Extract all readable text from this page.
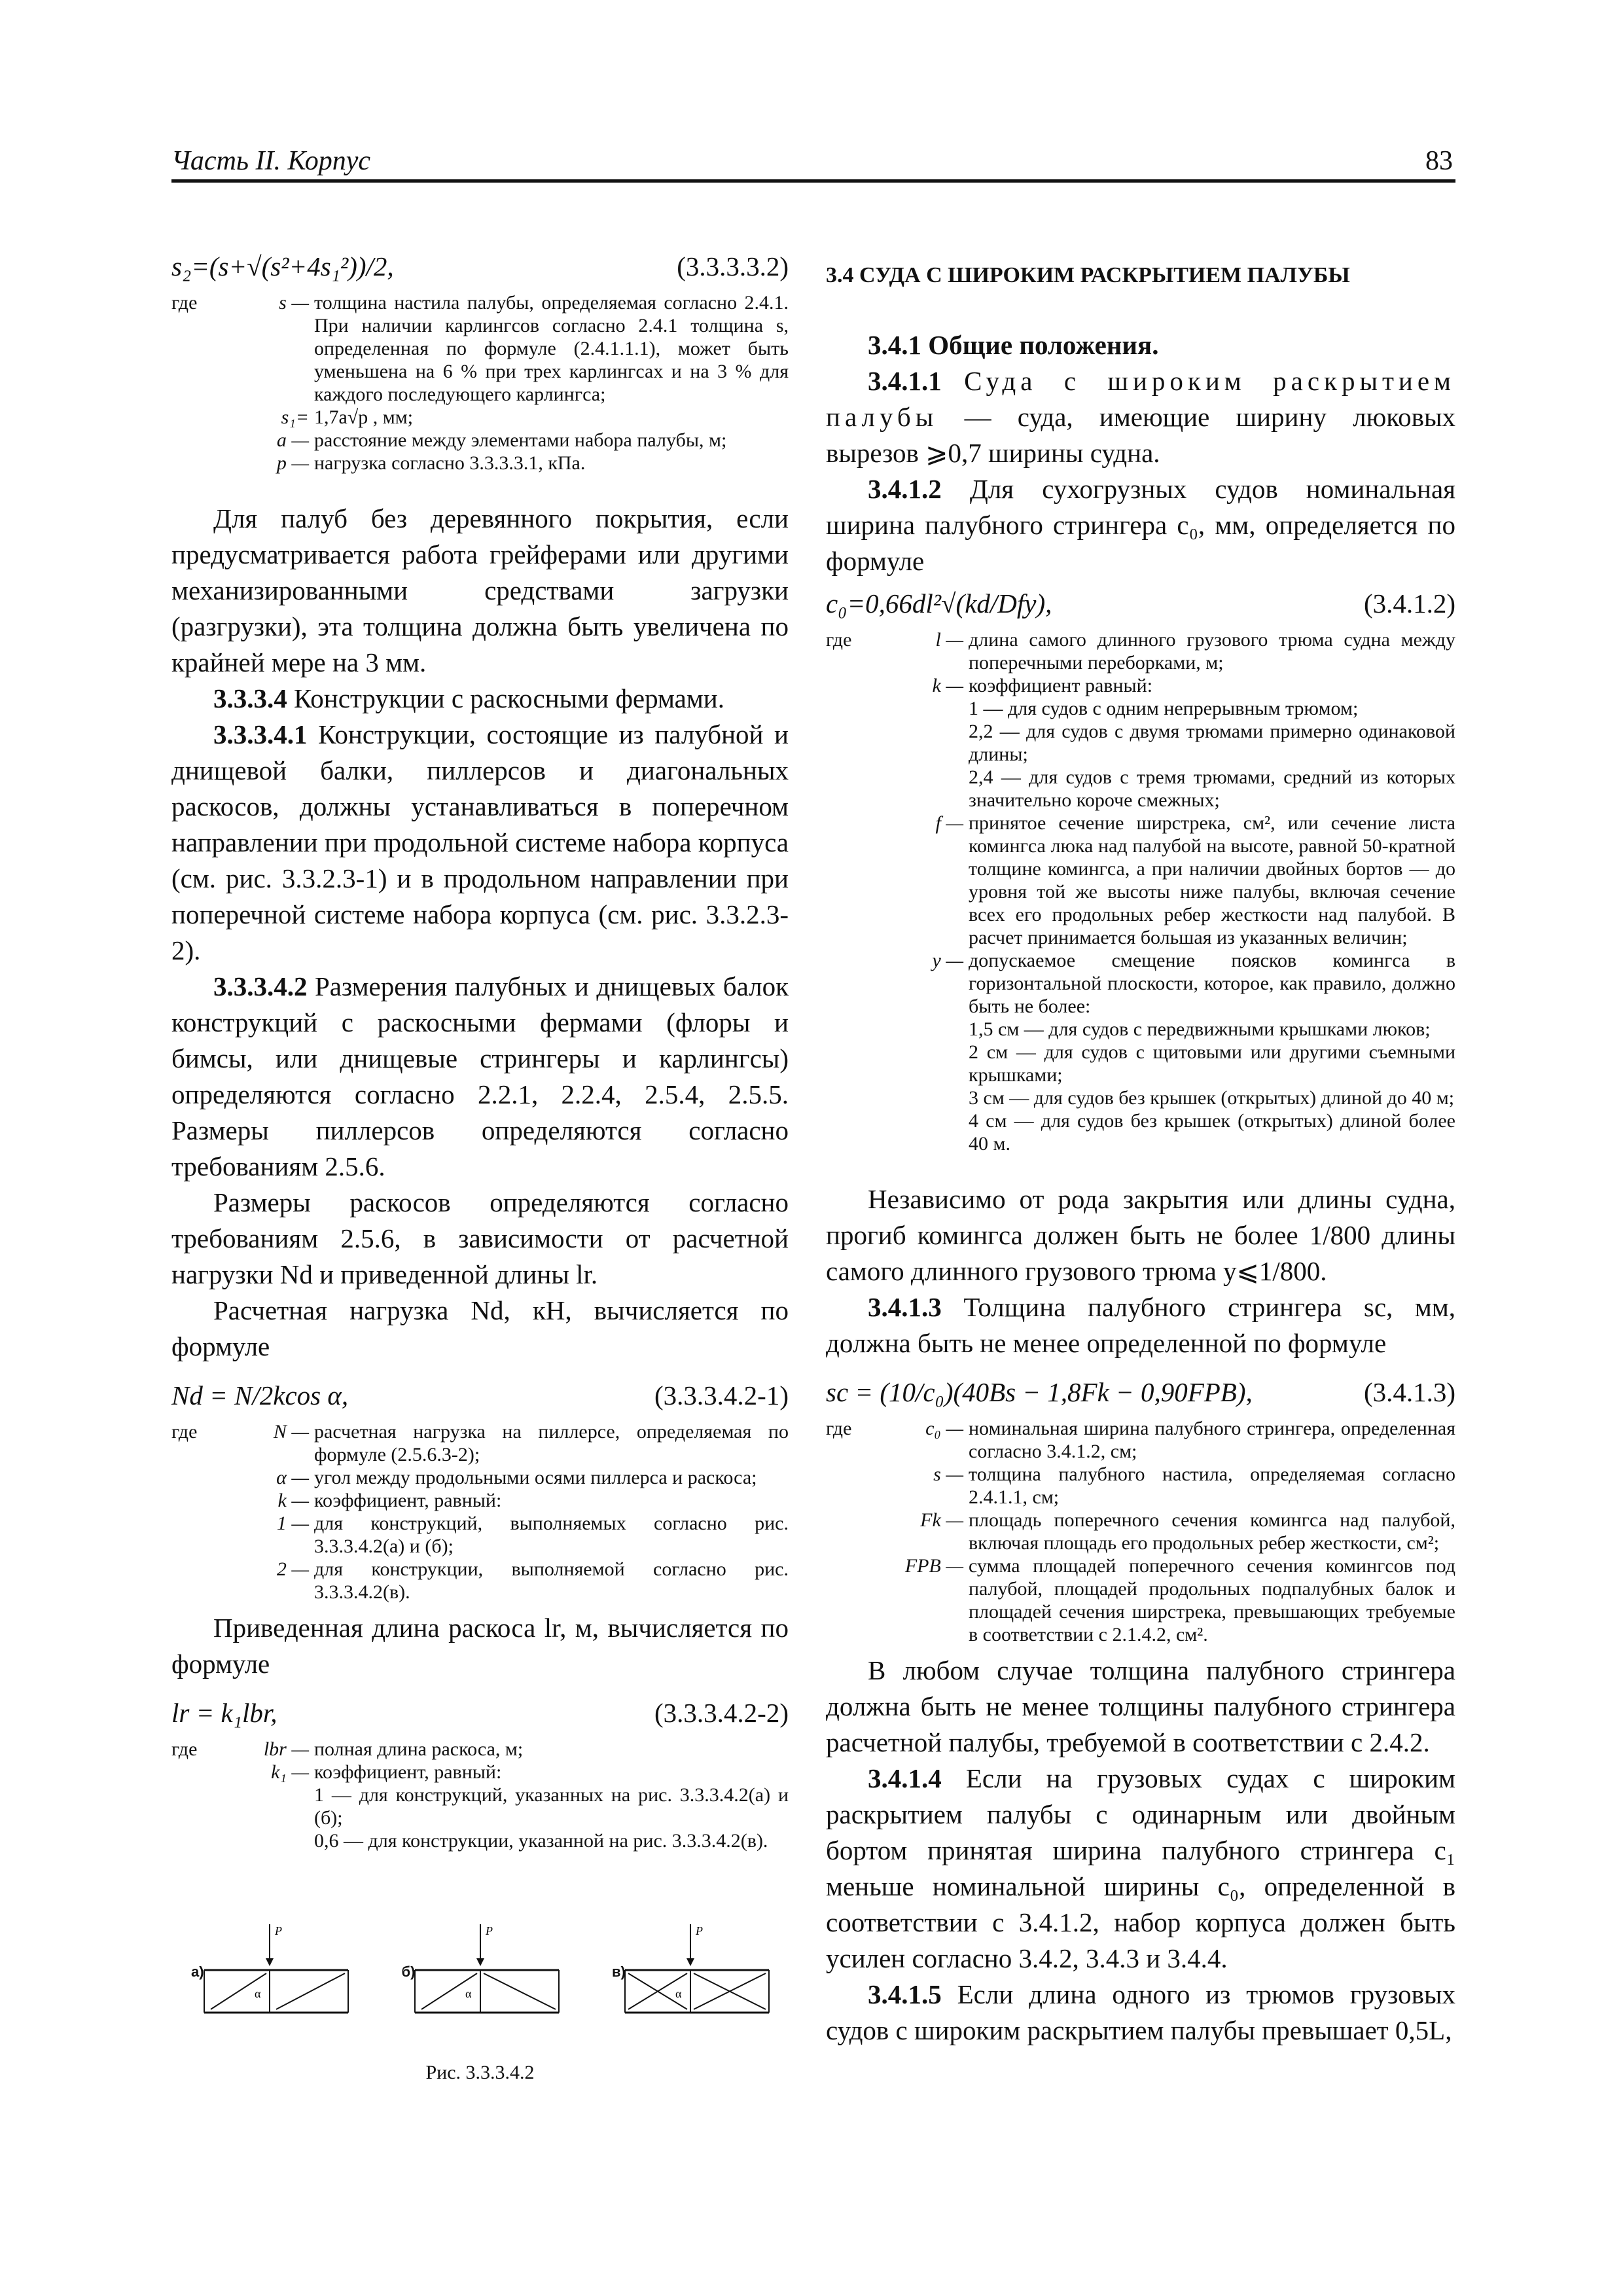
Часть II. Корпус	83
s₂=(s+√(s²+4s₁²))/2,	(3.3.3.3.2)
где	s —	толщина настила палубы, определяемая согласно 2.4.1. При наличии карлингсов согласно 2.4.1 толщина s, определенная по формуле (2.4.1.1.1), может быть уменьшена на 6 % при трех карлингсах и на 3 % для каждого последующего карлингса;
	s₁=	1,7a√p , мм;
	a —	расстояние между элементами набора палубы, м;
	p —	нагрузка согласно 3.3.3.3.1, кПа.

Для палуб без деревянного покрытия, если предусматривается работа грейферами или другими механизированными средствами загрузки (разгрузки), эта толщина должна быть увеличена по крайней мере на 3 мм.

3.3.3.4 Конструкции с раскосными фермами.

3.3.3.4.1 Конструкции, состоящие из палубной и днищевой балки, пиллерсов и диагональных раскосов, должны устанавливаться в поперечном направлении при продольной системе набора корпуса (см. рис. 3.3.2.3-1) и в продольном направлении при поперечной системе набора корпуса (см. рис. 3.3.2.3-2).

3.3.3.4.2 Размерения палубных и днищевых балок конструкций с раскосными фермами (флоры и бимсы, или днищевые стрингеры и карлингсы) определяются согласно 2.2.1, 2.2.4, 2.5.4, 2.5.5. Размеры пиллерсов определяются согласно требованиям 2.5.6.

Размеры раскосов определяются согласно требованиям 2.5.6, в зависимости от расчетной нагрузки Nd и приведенной длины lr.

Расчетная нагрузка Nd, кН, вычисляется по формуле

Nd = N/2kcos α,	(3.3.3.4.2-1)
где	N —	расчетная нагрузка на пиллерсе, определяемая по формуле (2.5.6.3-2);
	α —	угол между продольными осями пиллерса и раскоса;
	k —	коэффициент, равный:
	1 —	для конструкций, выполняемых согласно рис. 3.3.3.4.2(а) и (б);
	2 —	для конструкции, выполняемой согласно рис. 3.3.3.4.2(в).

Приведенная длина раскоса lr, м, вычисляется по формуле

lr = k₁lbr,	(3.3.3.4.2-2)
где	lbr —	полная длина раскоса, м;
	k₁ —	коэффициент, равный:
		1 — для конструкций, указанных на рис. 3.3.3.4.2(а) и (б);
		0,6 — для конструкции, указанной на рис. 3.3.3.4.2(в).
а)
P
α
б)
P
α
в)
P
α
Рис. 3.3.3.4.2
3.4 СУДА С ШИРОКИМ РАСКРЫТИЕМ ПАЛУБЫ

3.4.1 Общие положения.

3.4.1.1 Суда с широким раскрытием палубы — суда, имеющие ширину люковых вырезов ⩾0,7 ширины судна.

3.4.1.2 Для сухогрузных судов номинальная ширина палубного стрингера c₀, мм, определяется по формуле

c₀=0,66dl²√(kd/Dfy),	(3.4.1.2)
где	l —	длина самого длинного грузового трюма судна между поперечными переборками, м;
	k —	коэффициент равный:
		1 — для судов с одним непрерывным трюмом;
		2,2 — для судов с двумя трюмами примерно одинаковой длины;
		2,4 — для судов с тремя трюмами, средний из которых значительно короче смежных;
	f —	принятое сечение ширстрека, см², или сечение листа комингса люка над палубой на высоте, равной 50-кратной толщине комингса, а при наличии двойных бортов — до уровня той же высоты ниже палубы, включая сечение всех его продольных ребер жесткости над палубой. В расчет принимается большая из указанных величин;
	y —	допускаемое смещение поясков комингса в горизонтальной плоскости, которое, как правило, должно быть не более:
		1,5 см — для судов с передвижными крышками люков;
		2 см — для судов с щитовыми или другими съемными крышками;
		3 см — для судов без крышек (открытых) длиной до 40 м;
		4 см — для судов без крышек (открытых) длиной более 40 м.

Независимо от рода закрытия или длины судна, прогиб комингса должен быть не более 1/800 длины самого длинного грузового трюма y⩽1/800.

3.4.1.3 Толщина палубного стрингера sc, мм, должна быть не менее определенной по формуле

sc = (10/c₀)(40Bs − 1,8Fk − 0,90FPB),	(3.4.1.3)
где	c₀ —	номинальная ширина палубного стрингера, определенная согласно 3.4.1.2, см;
	s —	толщина палубного настила, определяемая согласно 2.4.1.1, см;
	Fk —	площадь поперечного сечения комингса над палубой, включая площадь его продольных ребер жесткости, см²;
	FPB —	сумма площадей поперечного сечения комингсов под палубой, площадей продольных подпалубных балок и площадей сечения ширстрека, превышающих требуемые в соответствии с 2.1.4.2, см².

В любом случае толщина палубного стрингера должна быть не менее толщины палубного стрингера расчетной палубы, требуемой в соответствии с 2.4.2.

3.4.1.4 Если на грузовых судах с широким раскрытием палубы с одинарным или двойным бортом принятая ширина палубного стрингера c₁ меньше номинальной ширины c₀, определенной в соответствии с 3.4.1.2, набор корпуса должен быть усилен согласно 3.4.2, 3.4.3 и 3.4.4.

3.4.1.5 Если длина одного из трюмов грузовых судов с широким раскрытием палубы превышает 0,5L,
